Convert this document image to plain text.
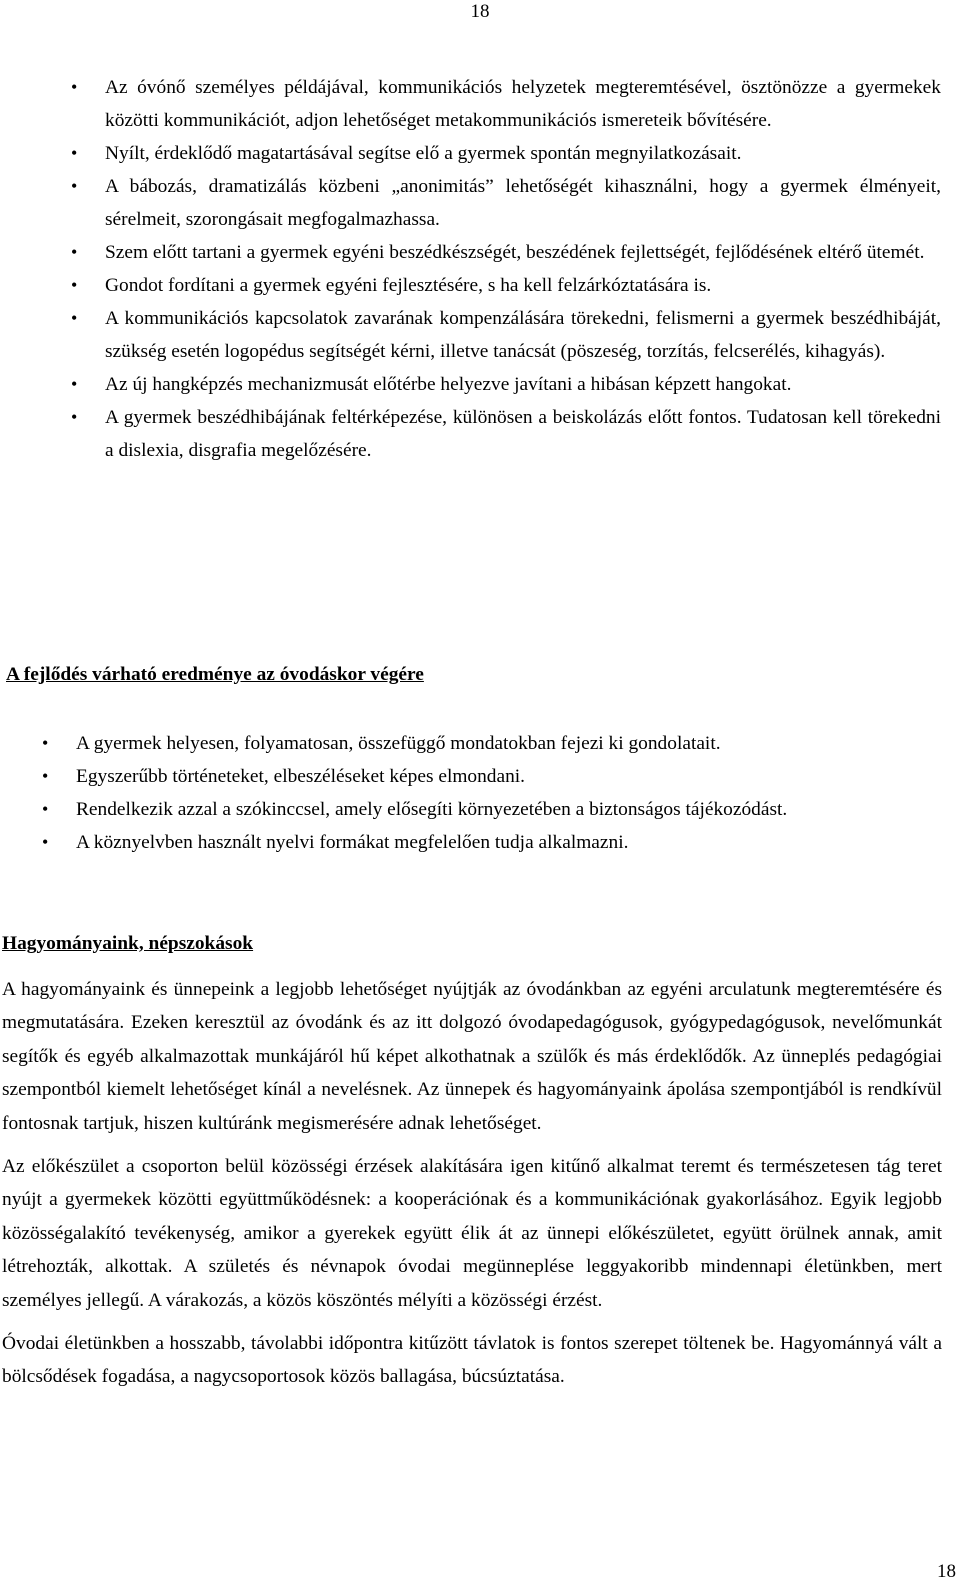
18
• Az óvónő személyes példájával, kommunikációs helyzetek megteremtésével, ösztönözze a gyermekek közötti kommunikációt, adjon lehetőséget metakommunikációs ismereteik bővítésére.
• Nyílt, érdeklődő magatartásával segítse elő a gyermek spontán megnyilatkozásait.
• A bábozás, dramatizálás közbeni „anonimitás” lehetőségét kihasználni, hogy a gyermek élményeit, sérelmeit, szorongásait megfogalmazhassa.
• Szem előtt tartani a gyermek egyéni beszédkészségét, beszédének fejlettségét, fejlődésének eltérő ütemét.
• Gondot fordítani a gyermek egyéni fejlesztésére, s ha kell felzárkóztatására is.
• A kommunikációs kapcsolatok zavarának kompenzálására törekedni, felismerni a gyermek beszédhibáját, szükség esetén logopédus segítségét kérni, illetve tanácsát (pöszeség, torzítás, felcserélés, kihagyás).
• Az új hangképzés mechanizmusát előtérbe helyezve javítani a hibásan képzett hangokat.
• A gyermek beszédhibájának feltérképezése, különösen a beiskolázás előtt fontos. Tudatosan kell törekedni a dislexia, disgrafia megelőzésére.
A fejlődés várható eredménye az óvodáskor végére
• A gyermek helyesen, folyamatosan, összefüggő mondatokban fejezi ki gondolatait.
• Egyszerűbb történeteket, elbeszéléseket képes elmondani.
• Rendelkezik azzal a szókinccsel, amely elősegíti környezetében a biztonságos tájékozódást.
• A köznyelvben használt nyelvi formákat megfelelően tudja alkalmazni.
Hagyományaink, népszokások

A hagyományaink és ünnepeink a legjobb lehetőséget nyújtják az óvodánkban az egyéni arculatunk megteremtésére és megmutatására. Ezeken keresztül az óvodánk és az itt dolgozó óvodapedagógusok, gyógypedagógusok, nevelőmunkát segítők és egyéb alkalmazottak munkájáról hű képet alkothatnak a szülők és más érdeklődők. Az ünneplés pedagógiai szempontból kiemelt lehetőséget kínál a nevelésnek. Az ünnepek és hagyományaink ápolása szempontjából is rendkívül fontosnak tartjuk, hiszen kultúránk megismerésére adnak lehetőséget.

Az előkészület a csoporton belül közösségi érzések alakítására igen kitűnő alkalmat teremt és természetesen tág teret nyújt a gyermekek közötti együttműködésnek: a kooperációnak és a kommunikációnak gyakorlásához. Egyik legjobb közösségalakító tevékenység, amikor a gyerekek együtt élik át az ünnepi előkészületet, együtt örülnek annak, amit létrehozták, alkottak. A születés és névnapok óvodai megünneplése leggyakoribb mindennapi életünkben, mert személyes jellegű. A várakozás, a közös köszöntés mélyíti a közösségi érzést.

Óvodai életünkben a hosszabb, távolabbi időpontra kitűzött távlatok is fontos szerepet töltenek be. Hagyománnyá vált a bölcsődések fogadása, a nagycsoportosok közös ballagása, búcsúztatása.

18
